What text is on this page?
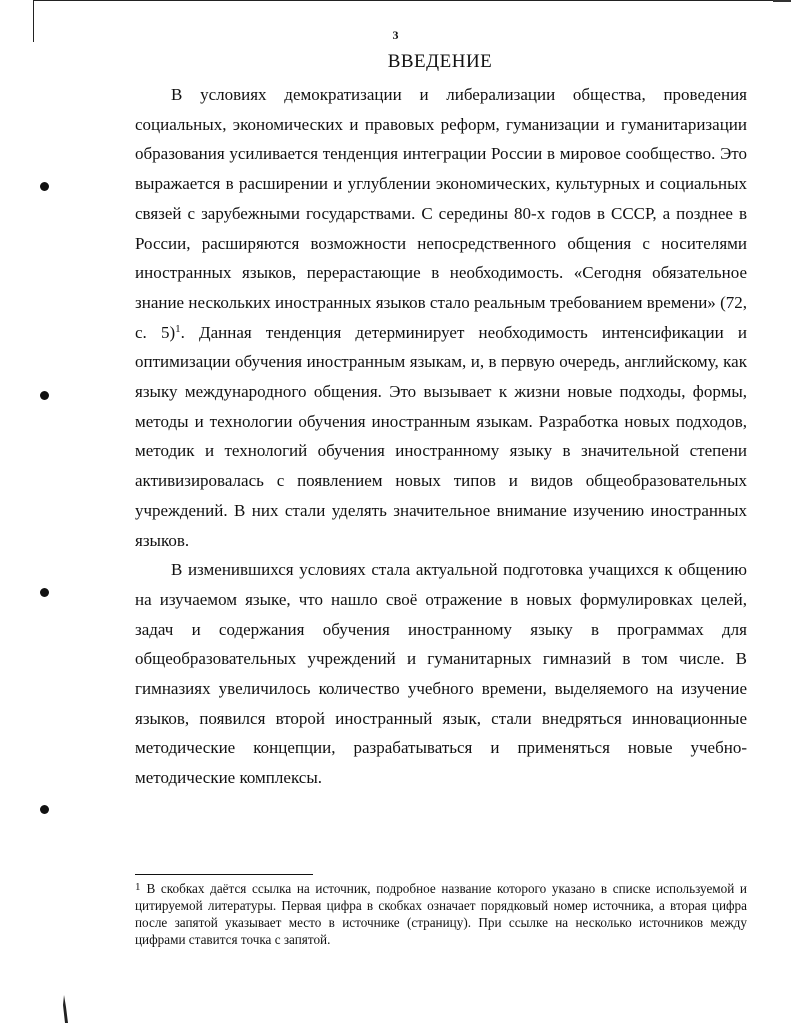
3
ВВЕДЕНИЕ

В условиях демократизации и либерализации общества, проведения социальных, экономических и правовых реформ, гуманизации и гуманитаризации образования усиливается тенденция интеграции России в мировое сообщество. Это выражается в расширении и углублении экономических, культурных и социальных связей с зарубежными государствами. С середины 80-х годов в СССР, а позднее в России, расширяются возможности непосредственного общения с носителями иностранных языков, перерастающие в необходимость. «Сегодня обязательное знание нескольких иностранных языков стало реальным требованием времени» (72, с. 5)$^1$. Данная тенденция детерминирует необходимость интенсификации и оптимизации обучения иностранным языкам, и, в первую очередь, английскому, как языку международного общения. Это вызывает к жизни новые подходы, формы, методы и технологии обучения иностранным языкам. Разработка новых подходов, методик и технологий обучения иностранному языку в значительной степени активизировалась с появлением новых типов и видов общеобразовательных учреждений. В них стали уделять значительное внимание изучению иностранных языков.

В изменившихся условиях стала актуальной подготовка учащихся к общению на изучаемом языке, что нашло своё отражение в новых формулировках целей, задач и содержания обучения иностранному языку в программах для общеобразовательных учреждений и гуманитарных гимназий в том числе. В гимназиях увеличилось количество учебного времени, выделяемого на изучение языков, появился второй иностранный язык, стали внедряться инновационные методические концепции, разрабатываться и применяться новые учебно-методические комплексы.

$^1$ В скобках даётся ссылка на источник, подробное название которого указано в списке используемой и цитируемой литературы. Первая цифра в скобках означает порядковый номер источника, а вторая цифра после запятой указывает место в источнике (страницу). При ссылке на несколько источников между цифрами ставится точка с запятой.
